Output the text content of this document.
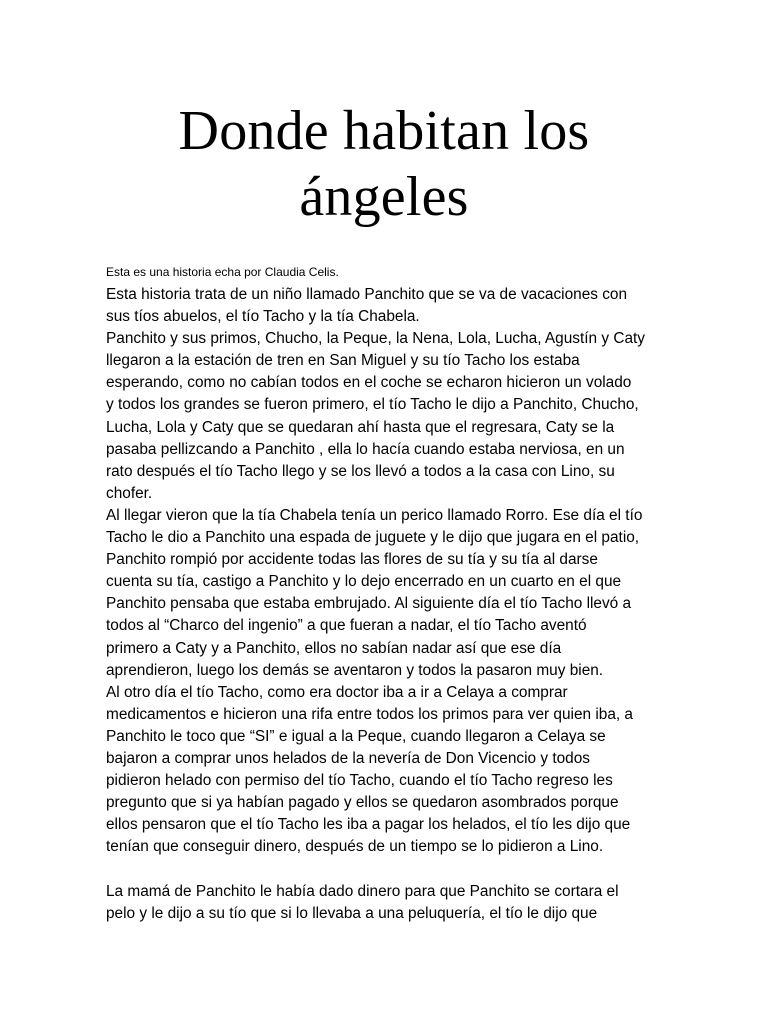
Donde habitan los
ángeles

Esta es una historia echa por Claudia Celis.

Esta historia trata de un niño llamado Panchito que se va de vacaciones con
sus tíos abuelos, el tío Tacho y la tía Chabela.
Panchito y sus primos, Chucho, la Peque, la Nena, Lola, Lucha, Agustín y Caty
llegaron a la estación de tren en San Miguel y su tío Tacho los estaba
esperando, como no cabían todos en el coche se echaron hicieron un volado
y todos los grandes se fueron primero, el tío Tacho le dijo a Panchito, Chucho,
Lucha, Lola y Caty que se quedaran ahí hasta que el regresara, Caty se la
pasaba pellizcando a Panchito , ella lo hacía cuando estaba nerviosa, en un
rato después el tío Tacho llego y se los llevó a todos a la casa con Lino, su
chofer.
Al llegar vieron que la tía Chabela tenía un perico llamado Rorro. Ese día el tío
Tacho le dio a Panchito una espada de juguete y le dijo que jugara en el patio,
Panchito rompió por accidente todas las flores de su tía y su tía al darse
cuenta su tía, castigo a Panchito y lo dejo encerrado en un cuarto en el que
Panchito pensaba que estaba embrujado. Al siguiente día el tío Tacho llevó a
todos al “Charco del ingenio” a que fueran a nadar, el tío Tacho aventó
primero a Caty y a Panchito, ellos no sabían nadar así que ese día
aprendieron, luego los demás se aventaron y todos la pasaron muy bien.
Al otro día el tío Tacho, como era doctor iba a ir a Celaya a comprar
medicamentos e hicieron una rifa entre todos los primos para ver quien iba, a
Panchito le toco que “SI” e igual a la Peque, cuando llegaron a Celaya se
bajaron a comprar unos helados de la nevería de Don Vicencio y todos
pidieron helado con permiso del tío Tacho, cuando el tío Tacho regreso les
pregunto que si ya habían pagado y ellos se quedaron asombrados porque
ellos pensaron que el tío Tacho les iba a pagar los helados, el tío les dijo que
tenían que conseguir dinero, después de un tiempo se lo pidieron a Lino.
La mamá de Panchito le había dado dinero para que Panchito se cortara el
pelo y le dijo a su tío que si lo llevaba a una peluquería, el tío le dijo que
